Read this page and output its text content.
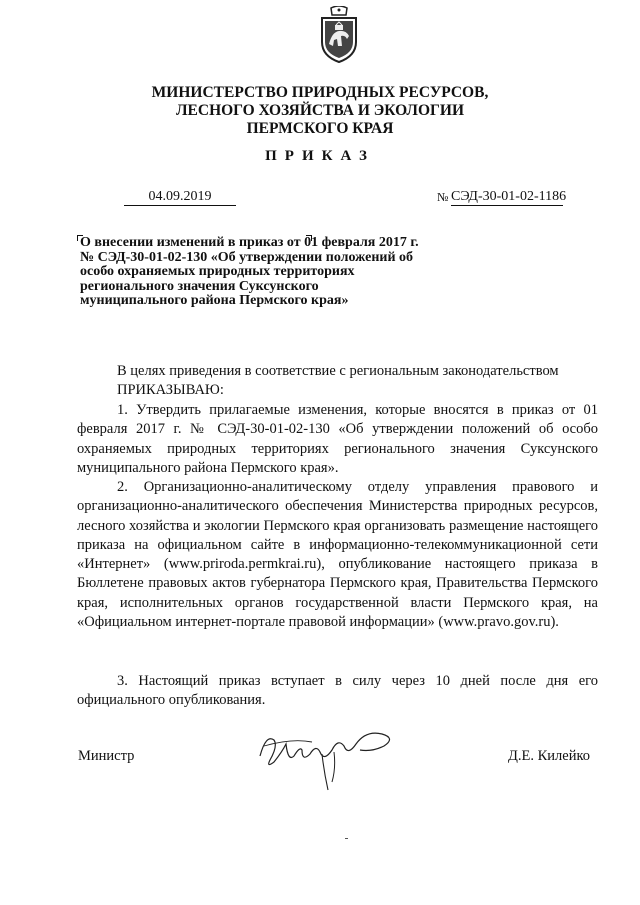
МИНИСТЕРСТВО ПРИРОДНЫХ РЕСУРСОВ,
ЛЕСНОГО ХОЗЯЙСТВА И ЭКОЛОГИИ
ПЕРМСКОГО КРАЯ
ПРИКАЗ
04.09.2019	№ СЭД-30-01-02-1186
О внесении изменений в приказ от 01 февраля 2017 г. № СЭД-30-01-02-130 «Об утверждении положений об особо охраняемых природных территориях регионального значения Суксунского муниципального района Пермского края»
В целях приведения в соответствие с региональным законодательством
ПРИКАЗЫВАЮ:
1. Утвердить прилагаемые изменения, которые вносятся в приказ от 01 февраля 2017 г. № СЭД-30-01-02-130 «Об утверждении положений об особо охраняемых природных территориях регионального значения Суксунского муниципального района Пермского края».
2. Организационно-аналитическому отделу управления правового и организационно-аналитического обеспечения Министерства природных ресурсов, лесного хозяйства и экологии Пермского края организовать размещение настоящего приказа на официальном сайте в информационно-телекоммуникационной сети «Интернет» (www.priroda.permkrai.ru), опубликование настоящего приказа в Бюллетене правовых актов губернатора Пермского края, Правительства Пермского края, исполнительных органов государственной власти Пермского края, на «Официальном интернет-портале правовой информации» (www.pravo.gov.ru).
3. Настоящий приказ вступает в силу через 10 дней после дня его официального опубликования.
Министр	Д.Е. Килейко
